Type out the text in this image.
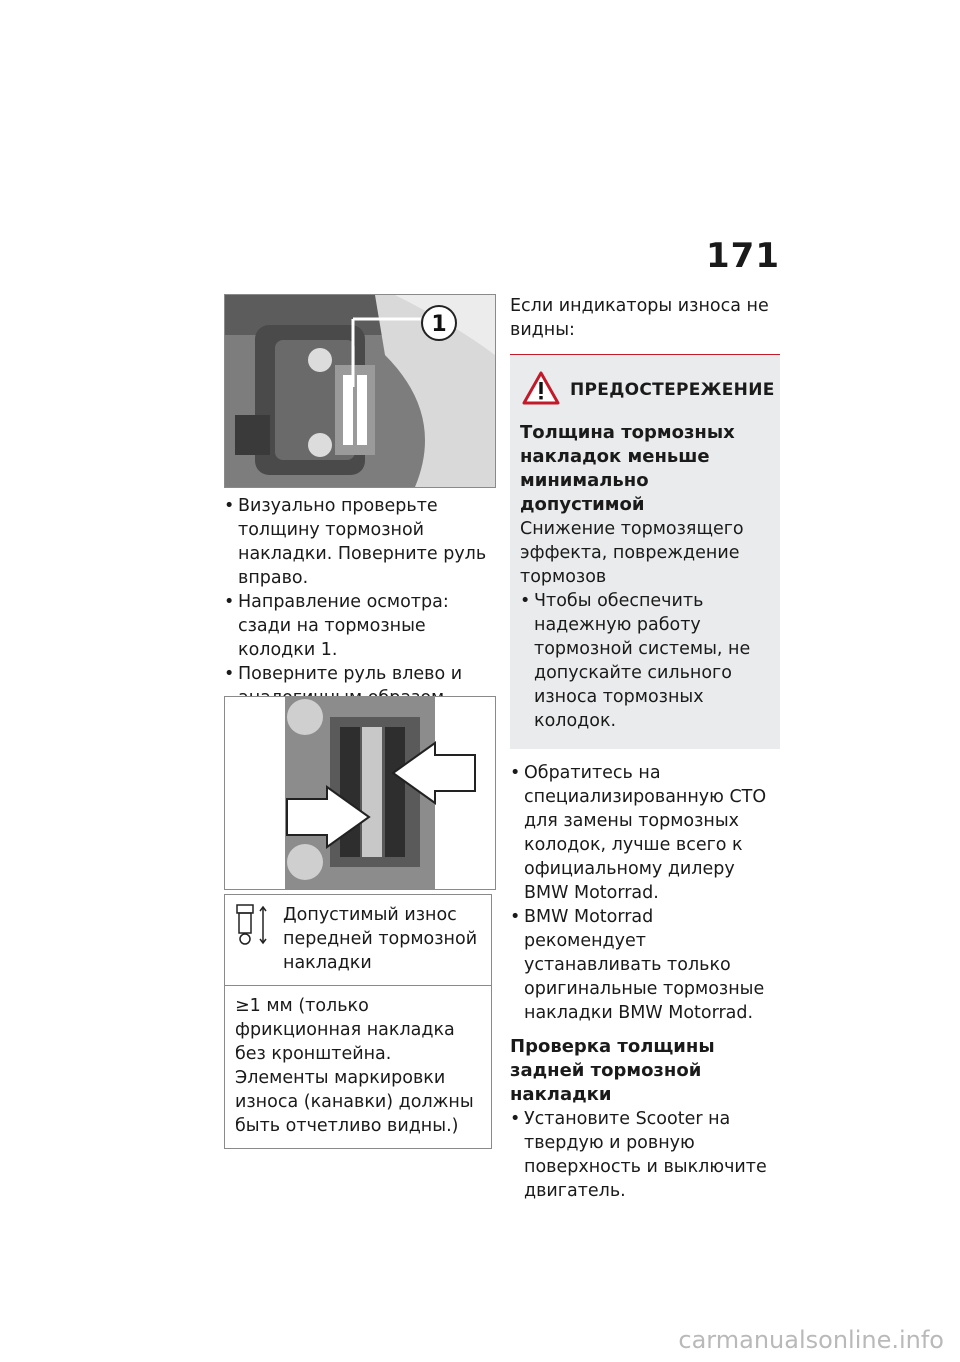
171
1
• Визуально проверьте толщину тормозной накладки. Поверните руль вправо.
• Направление осмотра: сзади на тормозные колодки 1.
• Поверните руль влево и
Допустимый износ передней тормозной накладки
≥1 мм (только фрикционная накладка без кронштейна. Элементы маркировки износа (канавки) должны быть отчетливо видны.)

Если индикаторы износа не видны:

ПРЕДОСТЕРЕЖЕНИЕ
Толщина тормозных накладок меньше минимально допустимой
Снижение тормозящего эффекта, повреждение тормозов
• Чтобы обеспечить надежную работу тормозной системы, не допускайте сильного износа тормозных колодок.
• Обратитесь на специализированную СТО для замены тормозных колодок, лучше всего к официальному дилеру BMW Motorrad.
• BMW Motorrad рекомендует устанавливать только оригинальные тормозные накладки BMW Motorrad.
Проверка толщины задней тормозной накладки
• Установите Scooter на твердую и ровную поверхность и выключите двигатель.
carmanualsonline.info
